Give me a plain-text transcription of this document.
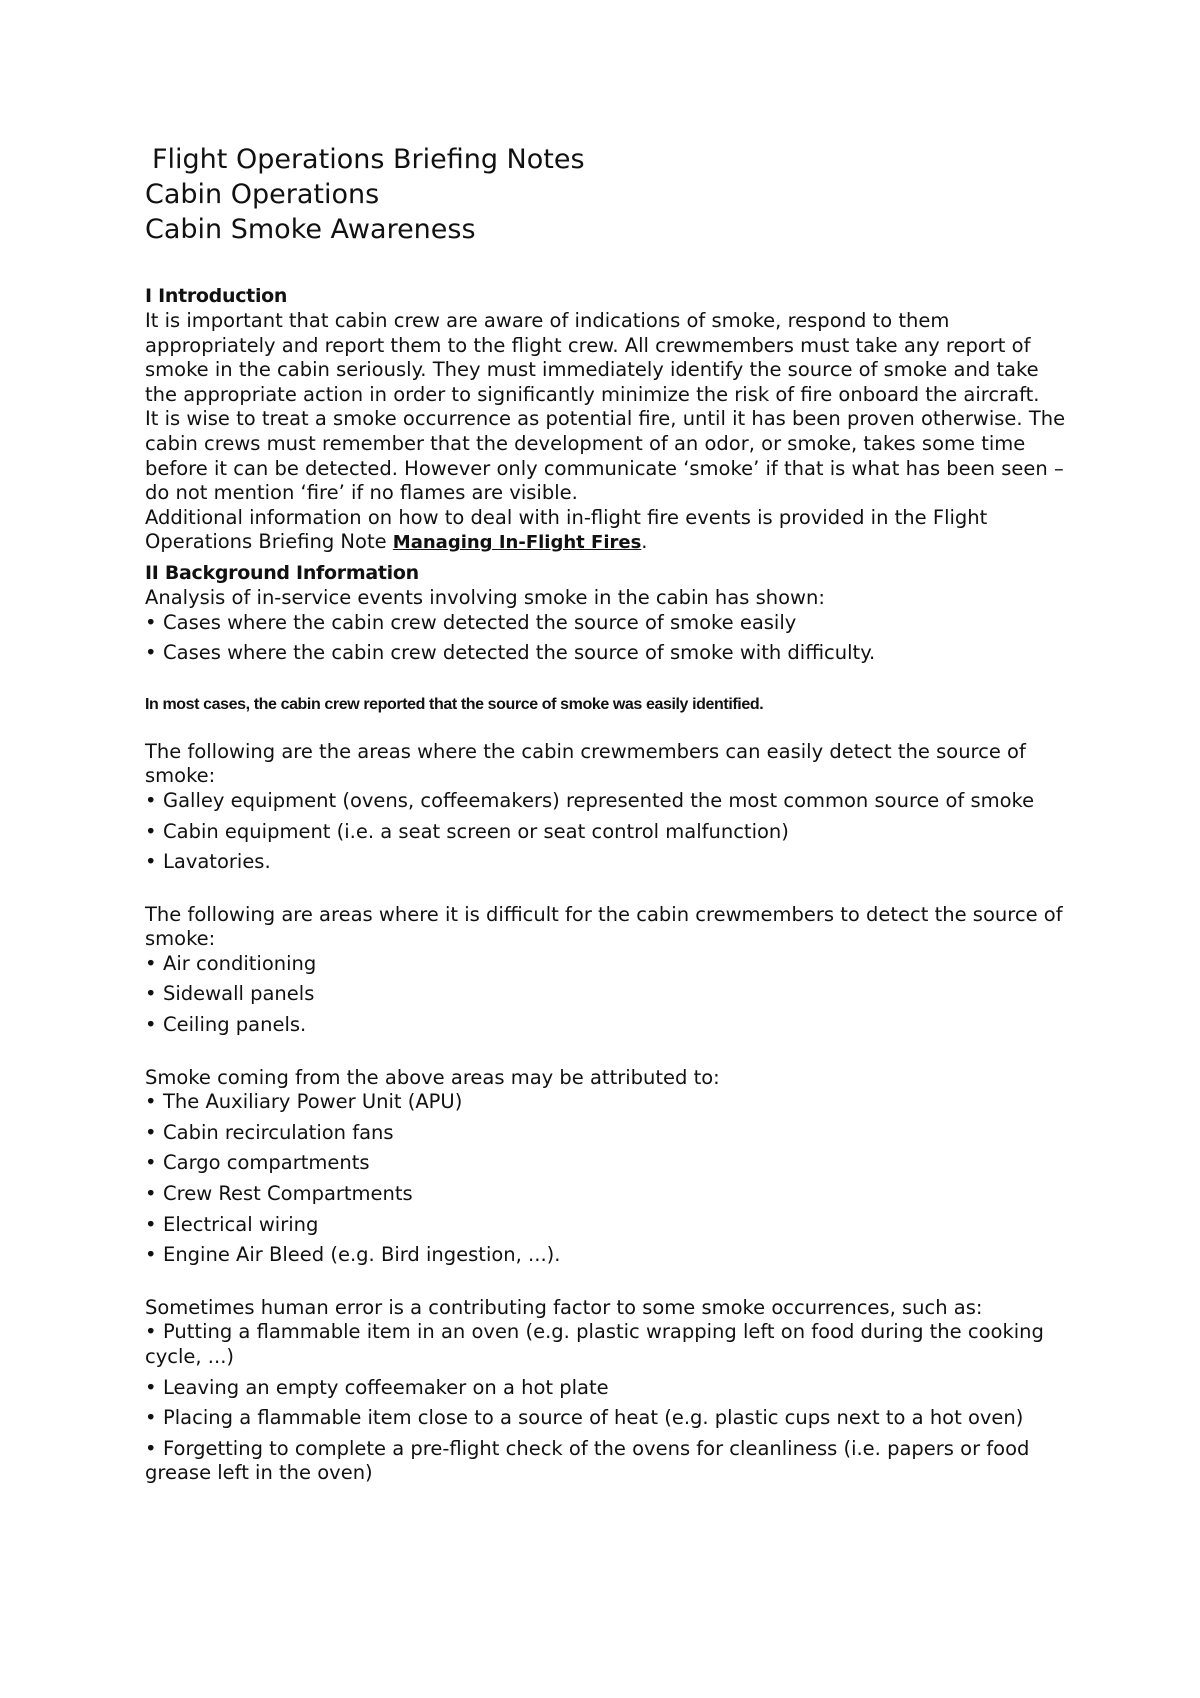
Flight Operations Briefing Notes
Cabin Operations
Cabin Smoke Awareness
I Introduction

It is important that cabin crew are aware of indications of smoke, respond to them appropriately and report them to the flight crew. All crewmembers must take any report of smoke in the cabin seriously. They must immediately identify the source of smoke and take the appropriate action in order to significantly minimize the risk of fire onboard the aircraft.

It is wise to treat a smoke occurrence as potential fire, until it has been proven otherwise. The cabin crews must remember that the development of an odor, or smoke, takes some time before it can be detected. However only communicate ‘smoke’ if that is what has been seen – do not mention ‘fire’ if no flames are visible.

Additional information on how to deal with in-flight fire events is provided in the Flight Operations Briefing Note Managing In-Flight Fires.

II Background Information

Analysis of in-service events involving smoke in the cabin has shown:

• Cases where the cabin crew detected the source of smoke easily
• Cases where the cabin crew detected the source of smoke with difficulty.

In most cases, the cabin crew reported that the source of smoke was easily identified.

The following are the areas where the cabin crewmembers can easily detect the source of smoke:

• Galley equipment (ovens, coffeemakers) represented the most common source of smoke
• Cabin equipment (i.e. a seat screen or seat control malfunction)
• Lavatories.

The following are areas where it is difficult for the cabin crewmembers to detect the source of smoke:

• Air conditioning
• Sidewall panels
• Ceiling panels.

Smoke coming from the above areas may be attributed to:

• The Auxiliary Power Unit (APU)
• Cabin recirculation fans
• Cargo compartments
• Crew Rest Compartments
• Electrical wiring
• Engine Air Bleed (e.g. Bird ingestion, ...).

Sometimes human error is a contributing factor to some smoke occurrences, such as:

• Putting a flammable item in an oven (e.g. plastic wrapping left on food during the cooking cycle, ...)
• Leaving an empty coffeemaker on a hot plate
• Placing a flammable item close to a source of heat (e.g. plastic cups next to a hot oven)
• Forgetting to complete a pre-flight check of the ovens for cleanliness (i.e. papers or food grease left in the oven)
